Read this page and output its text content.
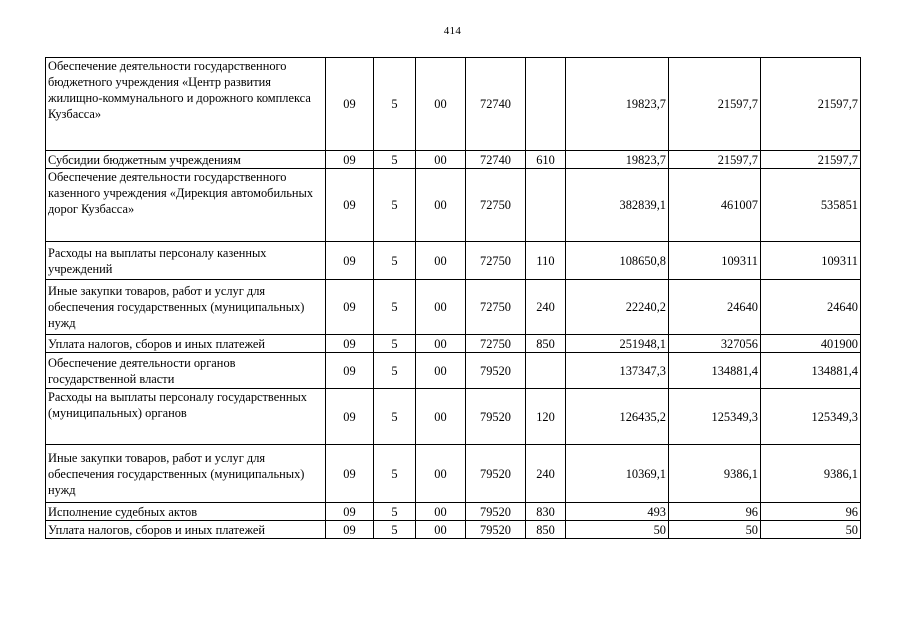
414
Обеспечение деятельности государственного бюджетного учреждения «Центр развития жилищно-коммунального и дорожного комплекса Кузбасса»	09	5	00	72740		19823,7	21597,7	21597,7
Субсидии бюджетным учреждениям	09	5	00	72740	610	19823,7	21597,7	21597,7
Обеспечение деятельности государственного казенного учреждения «Дирекция автомобильных дорог Кузбасса»	09	5	00	72750		382839,1	461007	535851
Расходы на выплаты персоналу казенных учреждений	09	5	00	72750	110	108650,8	109311	109311
Иные закупки товаров, работ и услуг для обеспечения государственных (муниципальных) нужд	09	5	00	72750	240	22240,2	24640	24640
Уплата налогов, сборов и иных платежей	09	5	00	72750	850	251948,1	327056	401900
Обеспечение деятельности органов государственной власти	09	5	00	79520		137347,3	134881,4	134881,4
Расходы на выплаты персоналу государственных (муниципальных) органов	09	5	00	79520	120	126435,2	125349,3	125349,3
Иные закупки товаров, работ и услуг для обеспечения государственных (муниципальных) нужд	09	5	00	79520	240	10369,1	9386,1	9386,1
Исполнение судебных актов	09	5	00	79520	830	493	96	96
Уплата налогов, сборов и иных платежей	09	5	00	79520	850	50	50	50
